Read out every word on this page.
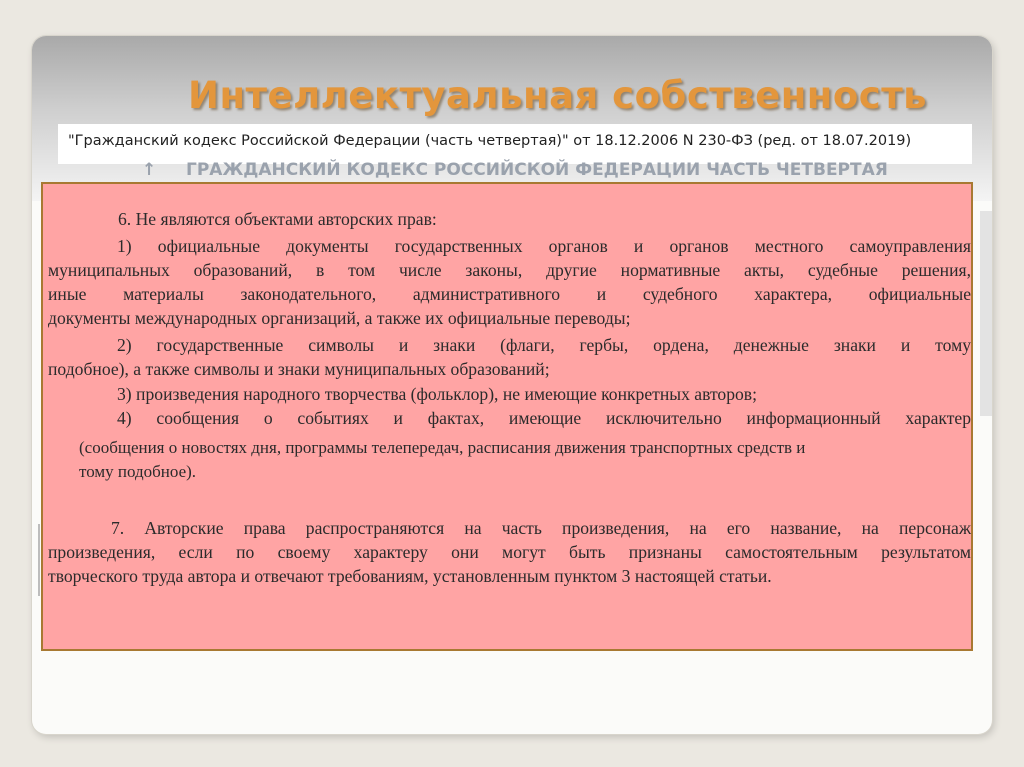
Интеллектуальная собственность
"Гражданский кодекс Российской Федерации (часть четвертая)" от 18.12.2006 N 230-ФЗ (ред. от 18.07.2019)
↑ ГРАЖДАНСКИЙ КОДЕКС РОССИЙСКОЙ ФЕДЕРАЦИИ ЧАСТЬ ЧЕТВЕРТАЯ
6. Не являются объектами авторских прав:
1) официальные документы государственных органов и органов местного самоуправления
муниципальных образований, в том числе законы, другие нормативные акты, судебные решения,
иные материалы законодательного, административного и судебного характера, официальные
документы международных организаций, а также их официальные переводы;
2) государственные символы и знаки (флаги, гербы, ордена, денежные знаки и тому
подобное), а также символы и знаки муниципальных образований;
3) произведения народного творчества (фольклор), не имеющие конкретных авторов;
4) сообщения о событиях и фактах, имеющие исключительно информационный характер
(сообщения о новостях дня, программы телепередач, расписания движения транспортных средств и
тому подобное).
7. Авторские права распространяются на часть произведения, на его название, на персонаж
произведения, если по своему характеру они могут быть признаны самостоятельным результатом
творческого труда автора и отвечают требованиям, установленным пунктом 3 настоящей статьи.
